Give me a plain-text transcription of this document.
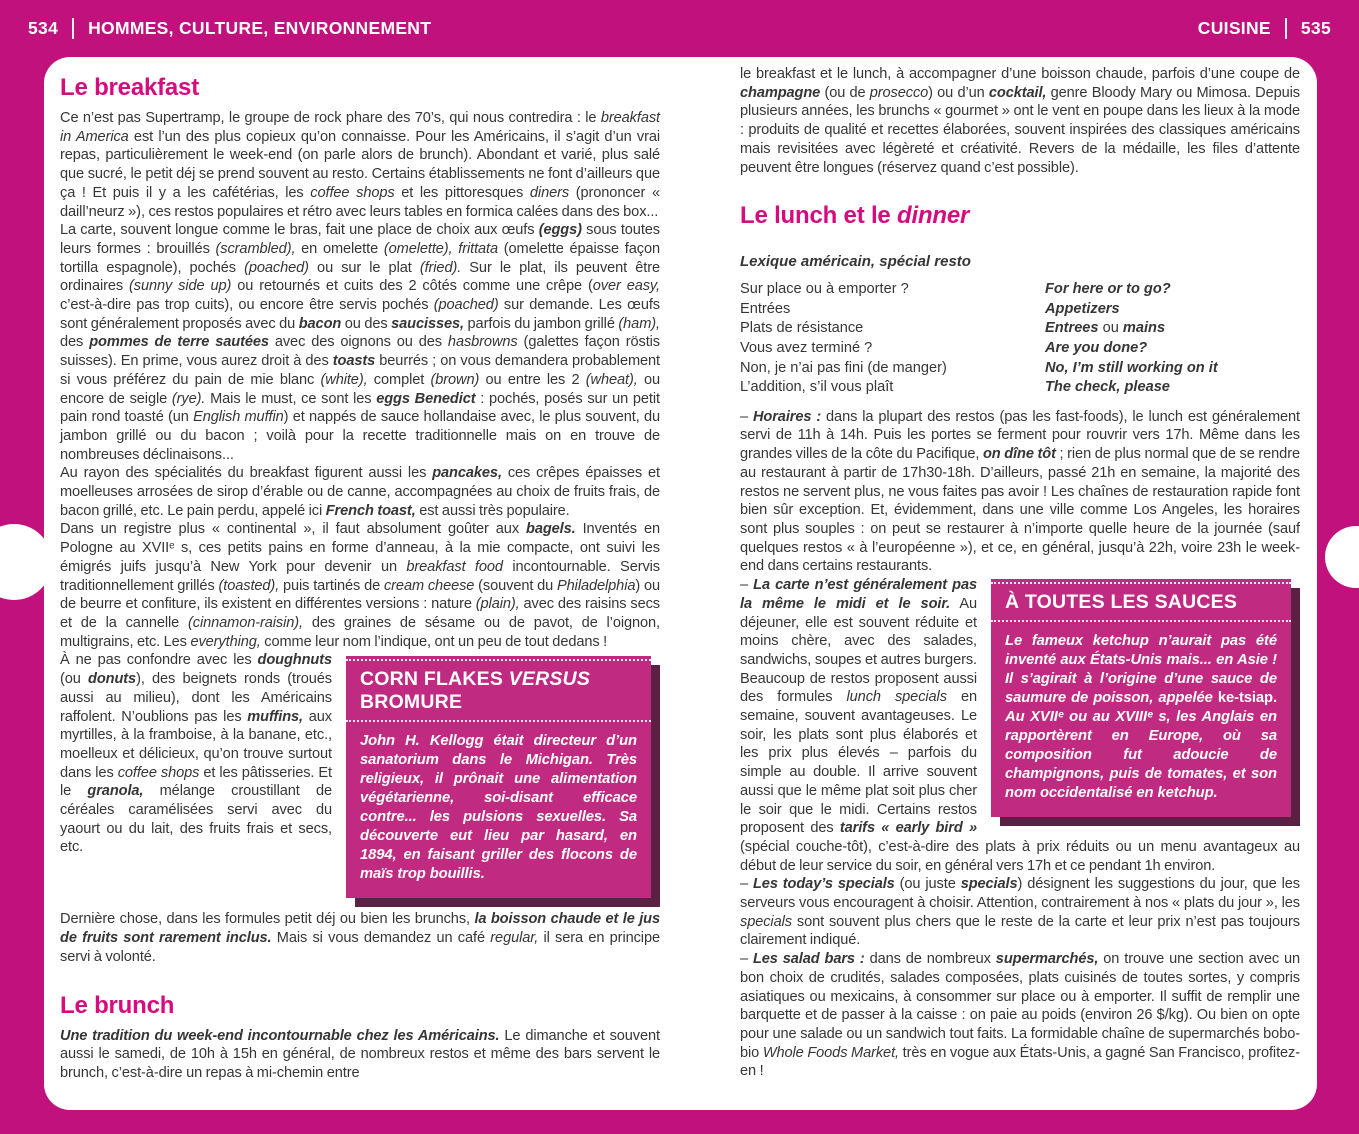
534 HOMMES, CULTURE, ENVIRONNEMENT	CUISINE 535
Le breakfast

Ce n’est pas Supertramp, le groupe de rock phare des 70’s, qui nous contredira : le breakfast in America est l’un des plus copieux qu’on connaisse. Pour les Américains, il s’agit d’un vrai repas, particulièrement le week-end (on parle alors de brunch). Abondant et varié, plus salé que sucré, le petit déj se prend souvent au resto. Certains établissements ne font d’ailleurs que ça ! Et puis il y a les cafétérias, les coffee shops et les pittoresques diners (prononcer « daill’neurz »), ces restos populaires et rétro avec leurs tables en formica calées dans des box...

La carte, souvent longue comme le bras, fait une place de choix aux œufs (eggs) sous toutes leurs formes : brouillés (scrambled), en omelette (omelette), frittata (omelette épaisse façon tortilla espagnole), pochés (poached) ou sur le plat (fried). Sur le plat, ils peuvent être ordinaires (sunny side up) ou retournés et cuits des 2 côtés comme une crêpe (over easy, c’est-à-dire pas trop cuits), ou encore être servis pochés (poached) sur demande. Les œufs sont généralement proposés avec du bacon ou des saucisses, parfois du jambon grillé (ham), des pommes de terre sautées avec des oignons ou des hasbrowns (galettes façon röstis suisses). En prime, vous aurez droit à des toasts beurrés ; on vous demandera probablement si vous préférez du pain de mie blanc (white), complet (brown) ou entre les 2 (wheat), ou encore de seigle (rye). Mais le must, ce sont les eggs Benedict : pochés, posés sur un petit pain rond toasté (un English muffin) et nappés de sauce hollandaise avec, le plus souvent, du jambon grillé ou du bacon ; voilà pour la recette traditionnelle mais on en trouve de nombreuses déclinaisons...

Au rayon des spécialités du breakfast figurent aussi les pancakes, ces crêpes épaisses et moelleuses arrosées de sirop d’érable ou de canne, accompagnées au choix de fruits frais, de bacon grillé, etc. Le pain perdu, appelé ici French toast, est aussi très populaire.

Dans un registre plus « continental », il faut absolument goûter aux bagels. Inventés en Pologne au XVIIᵉ s, ces petits pains en forme d’anneau, à la mie compacte, ont suivi les émigrés juifs jusqu’à New York pour devenir un breakfast food incontournable. Servis traditionnellement grillés (toasted), puis tartinés de cream cheese (souvent du Philadelphia) ou de beurre et confiture, ils existent en différentes versions : nature (plain), avec des raisins secs et de la cannelle (cinnamon-raisin), des graines de sésame ou de pavot, de l’oignon, multigrains, etc. Les everything, comme leur nom l’indique, ont un peu de tout dedans !

CORN FLAKES VERSUS BROMURE

John H. Kellogg était directeur d’un sanatorium dans le Michigan. Très religieux, il prônait une alimentation végétarienne, soi-disant efficace contre... les pulsions sexuelles. Sa découverte eut lieu par hasard, en 1894, en faisant griller des flocons de maïs trop bouillis.

À ne pas confondre avec les doughnuts (ou donuts), des beignets ronds (troués aussi au milieu), dont les Américains raffolent. N’oublions pas les muffins, aux myrtilles, à la framboise, à la banane, etc., moelleux et délicieux, qu’on trouve surtout dans les coffee shops et les pâtisseries. Et le granola, mélange croustillant de céréales caramélisées servi avec du yaourt ou du lait, des fruits frais et secs, etc.

Dernière chose, dans les formules petit déj ou bien les brunchs, la boisson chaude et le jus de fruits sont rarement inclus. Mais si vous demandez un café regular, il sera en principe servi à volonté.

Le brunch

Une tradition du week-end incontournable chez les Américains. Le dimanche et souvent aussi le samedi, de 10h à 15h en général, de nombreux restos et même des bars servent le brunch, c’est-à-dire un repas à mi-chemin entre

le breakfast et le lunch, à accompagner d’une boisson chaude, parfois d’une coupe de champagne (ou de prosecco) ou d’un cocktail, genre Bloody Mary ou Mimosa. Depuis plusieurs années, les brunchs « gourmet » ont le vent en poupe dans les lieux à la mode : produits de qualité et recettes élaborées, souvent inspirées des classiques américains mais revisitées avec légèreté et créativité. Revers de la médaille, les files d’attente peuvent être longues (réservez quand c’est possible).

Le lunch et le dinner

Lexique américain, spécial resto

Sur place ou à emporter ?	For here or to go?
Entrées	Appetizers
Plats de résistance	Entrees ou mains
Vous avez terminé ?	Are you done?
Non, je n’ai pas fini (de manger)	No, I’m still working on it
L’addition, s’il vous plaît	The check, please

– Horaires : dans la plupart des restos (pas les fast-foods), le lunch est généralement servi de 11h à 14h. Puis les portes se ferment pour rouvrir vers 17h. Même dans les grandes villes de la côte du Pacifique, on dîne tôt ; rien de plus normal que de se rendre au restaurant à partir de 17h30-18h. D’ailleurs, passé 21h en semaine, la majorité des restos ne servent plus, ne vous faites pas avoir ! Les chaînes de restauration rapide font bien sûr exception. Et, évidemment, dans une ville comme Los Angeles, les horaires sont plus souples : on peut se restaurer à n’importe quelle heure de la journée (sauf quelques restos « à l’européenne »), et ce, en général, jusqu’à 22h, voire 23h le week-end dans certains restaurants.

À TOUTES LES SAUCES

Le fameux ketchup n’aurait pas été inventé aux États-Unis mais... en Asie ! Il s’agirait à l’origine d’une sauce de saumure de poisson, appelée ke-tsiap. Au XVIIᵉ ou au XVIIIᵉ s, les Anglais en rapportèrent en Europe, où sa composition fut adoucie de champignons, puis de tomates, et son nom occidentalisé en ketchup.

– La carte n’est généralement pas la même le midi et le soir. Au déjeuner, elle est souvent réduite et moins chère, avec des salades, sandwichs, soupes et autres burgers. Beaucoup de restos proposent aussi des formules lunch specials en semaine, souvent avantageuses. Le soir, les plats sont plus élaborés et les prix plus élevés – parfois du simple au double. Il arrive souvent aussi que le même plat soit plus cher le soir que le midi. Certains restos proposent des tarifs « early bird » (spécial couche-tôt), c’est-à-dire des plats à prix réduits ou un menu avantageux au début de leur service du soir, en général vers 17h et ce pendant 1h environ.

– Les today’s specials (ou juste specials) désignent les suggestions du jour, que les serveurs vous encouragent à choisir. Attention, contrairement à nos « plats du jour », les specials sont souvent plus chers que le reste de la carte et leur prix n’est pas toujours clairement indiqué.

– Les salad bars : dans de nombreux supermarchés, on trouve une section avec un bon choix de crudités, salades composées, plats cuisinés de toutes sortes, y compris asiatiques ou mexicains, à consommer sur place ou à emporter. Il suffit de remplir une barquette et de passer à la caisse : on paie au poids (environ 26 $/kg). Ou bien on opte pour une salade ou un sandwich tout faits. La formidable chaîne de supermarchés bobo-bio Whole Foods Market, très en vogue aux États-Unis, a gagné San Francisco, profitez-en !
